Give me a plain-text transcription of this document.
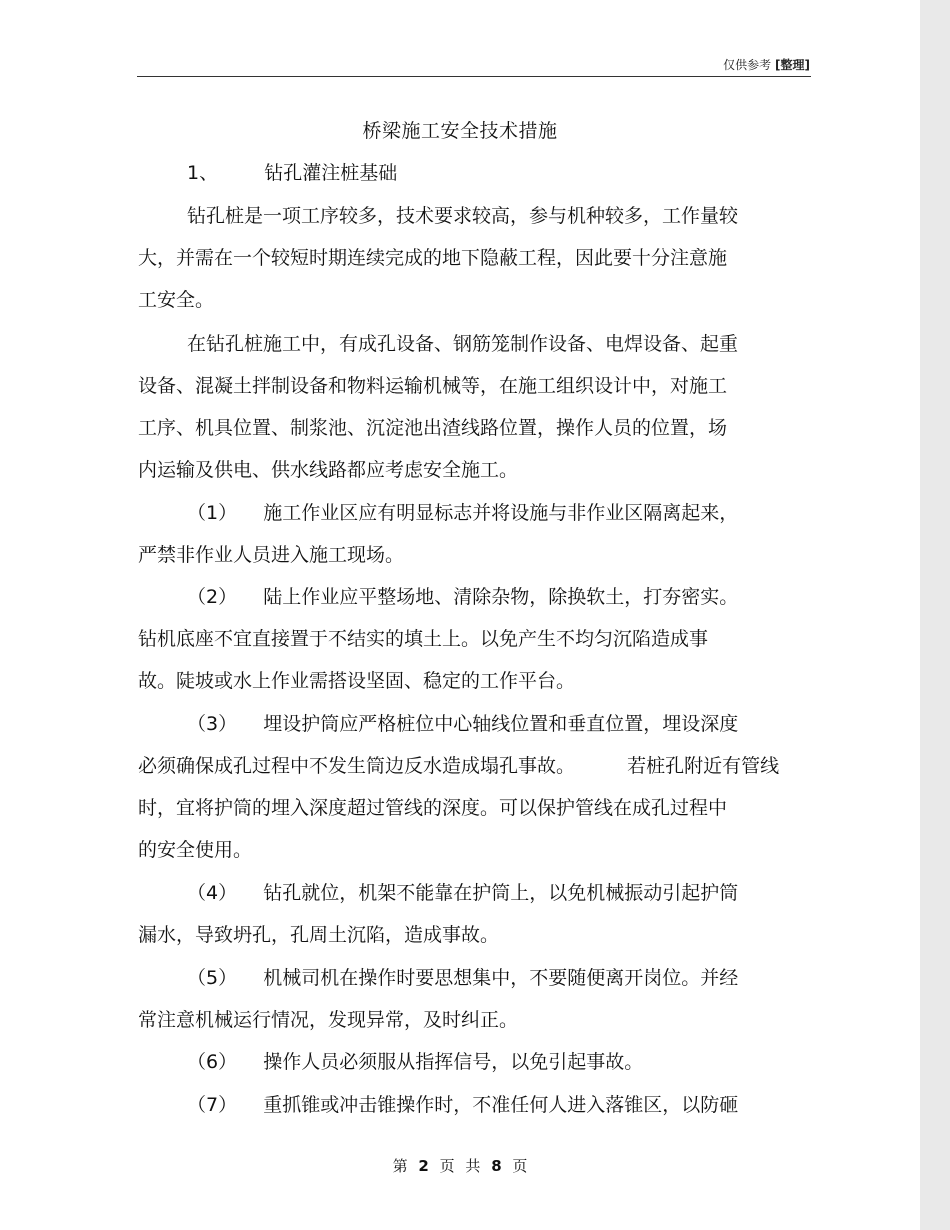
仅供参考 [整理]
桥梁施工安全技术措施
1、 钻孔灌注桩基础
钻孔桩是一项工序较多，技术要求较高，参与机种较多，工作量较
大，并需在一个较短时期连续完成的地下隐蔽工程，因此要十分注意施
工安全。
在钻孔桩施工中，有成孔设备、钢筋笼制作设备、电焊设备、起重
设备、混凝土拌制设备和物料运输机械等，在施工组织设计中，对施工
工序、机具位置、制浆池、沉淀池出渣线路位置，操作人员的位置，场
内运输及供电、供水线路都应考虑安全施工。
（1） 施工作业区应有明显标志并将设施与非作业区隔离起来，
严禁非作业人员进入施工现场。
（2） 陆上作业应平整场地、清除杂物，除换软土，打夯密实。
钻机底座不宜直接置于不结实的填土上。以免产生不均匀沉陷造成事
故。陡坡或水上作业需搭设坚固、稳定的工作平台。
（3） 埋设护筒应严格桩位中心轴线位置和垂直位置，埋设深度
必须确保成孔过程中不发生筒边反水造成塌孔事故。	若桩孔附近有管线
时，宜将护筒的埋入深度超过管线的深度。可以保护管线在成孔过程中
的安全使用。
（4） 钻孔就位，机架不能靠在护筒上，以免机械振动引起护筒
漏水，导致坍孔，孔周土沉陷，造成事故。
（5） 机械司机在操作时要思想集中，不要随便离开岗位。并经
常注意机械运行情况，发现异常，及时纠正。
（6） 操作人员必须服从指挥信号，以免引起事故。
（7） 重抓锥或冲击锥操作时，不准任何人进入落锥区，以防砸
第 2 页 共 8 页
